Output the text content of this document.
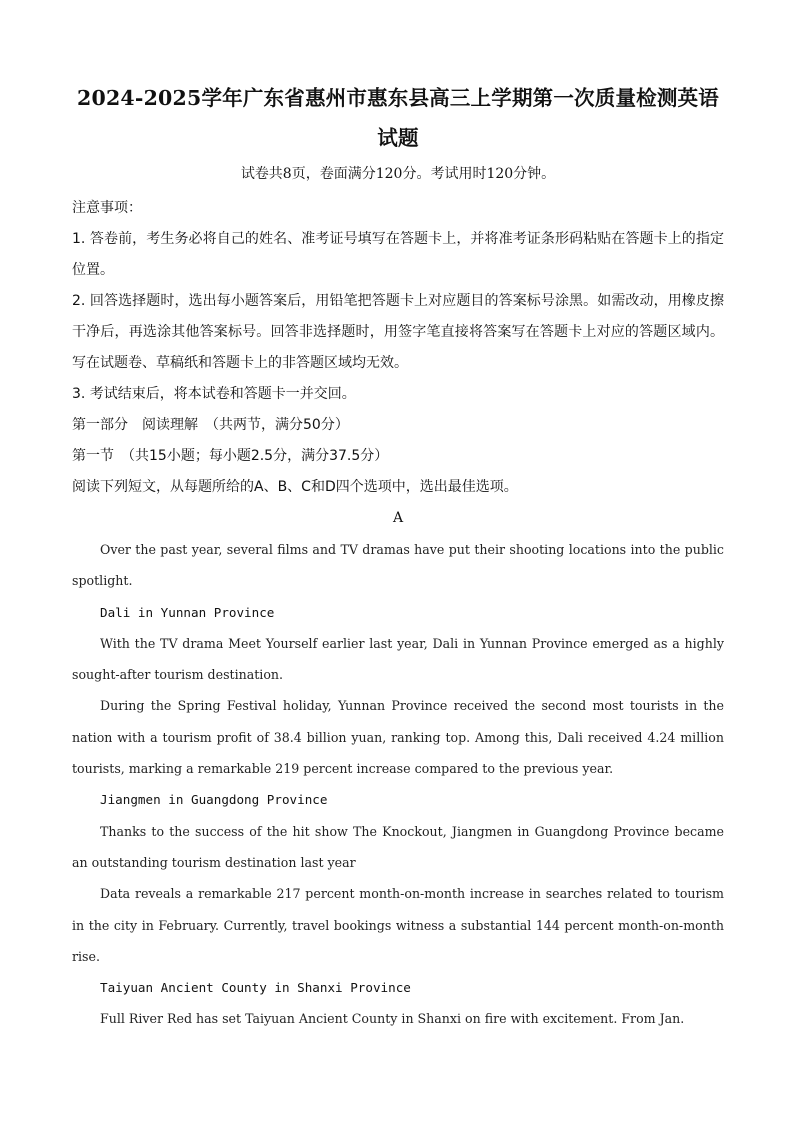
2024-2025学年广东省惠州市惠东县高三上学期第一次质量检测英语
试题
试卷共8页，卷面满分120分。考试用时120分钟。

注意事项：

1. 答卷前，考生务必将自己的姓名、准考证号填写在答题卡上，并将准考证条形码粘贴在答题卡上的指定位置。

2. 回答选择题时，选出每小题答案后，用铅笔把答题卡上对应题目的答案标号涂黑。如需改动，用橡皮擦干净后，再选涂其他答案标号。回答非选择题时，用签字笔直接将答案写在答题卡上对应的答题区域内。写在试题卷、草稿纸和答题卡上的非答题区域均无效。

3. 考试结束后，将本试卷和答题卡一并交回。

第一部分　阅读理解　（共两节，满分50分）

第一节　（共15小题；每小题2.5分，满分37.5分）

阅读下列短文，从每题所给的A、B、C和D四个选项中，选出最佳选项。

A

Over the past year, several films and TV dramas have put their shooting locations into the public spotlight.

Dali in Yunnan Province

With the TV drama Meet Yourself earlier last year, Dali in Yunnan Province emerged as a highly sought-after tourism destination.

During the Spring Festival holiday, Yunnan Province received the second most tourists in the nation with a tourism profit of 38.4 billion yuan, ranking top. Among this, Dali received 4.24 million tourists, marking a remarkable 219 percent increase compared to the previous year.

Jiangmen in Guangdong Province

Thanks to the success of the hit show The Knockout, Jiangmen in Guangdong Province became an outstanding tourism destination last year

Data reveals a remarkable 217 percent month-on-month increase in searches related to tourism in the city in February. Currently, travel bookings witness a substantial 144 percent month-on-month rise.

Taiyuan Ancient County in Shanxi Province

Full River Red has set Taiyuan Ancient County in Shanxi on fire with excitement. From Jan.
